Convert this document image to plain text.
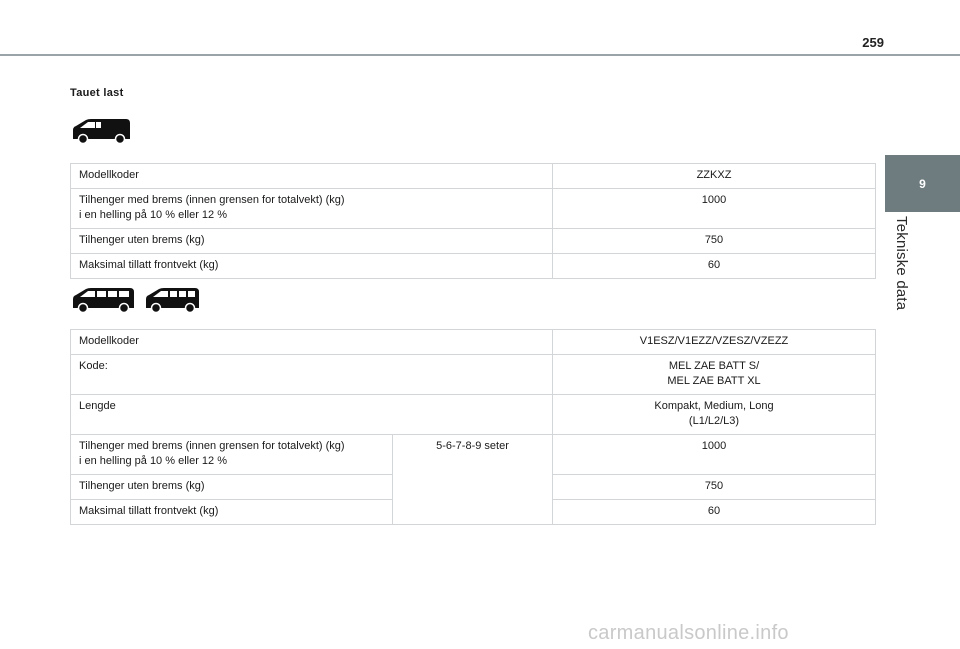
259
9
Tekniske data
Tauet last
Modellkoder	ZZKXZ

Tilhenger med brems (innen grensen for totalvekt) (kg)
i en helling på 10 % eller 12 %	1000
Tilhenger uten brems (kg)	750
Maksimal tillatt frontvekt (kg)	60
Modellkoder		V1ESZ/V1EZZ/VZESZ/VZEZZ
Kode:		MEL ZAE BATT S/
MEL ZAE BATT XL

Lengde		Kompakt, Medium, Long
(L1/L2/L3)

Tilhenger med brems (innen grensen for totalvekt) (kg)
i en helling på 10 % eller 12 %	5-6-7-8-9 seter	1000
Tilhenger uten brems (kg)		750
Maksimal tillatt frontvekt (kg)		60
carmanualsonline.info
